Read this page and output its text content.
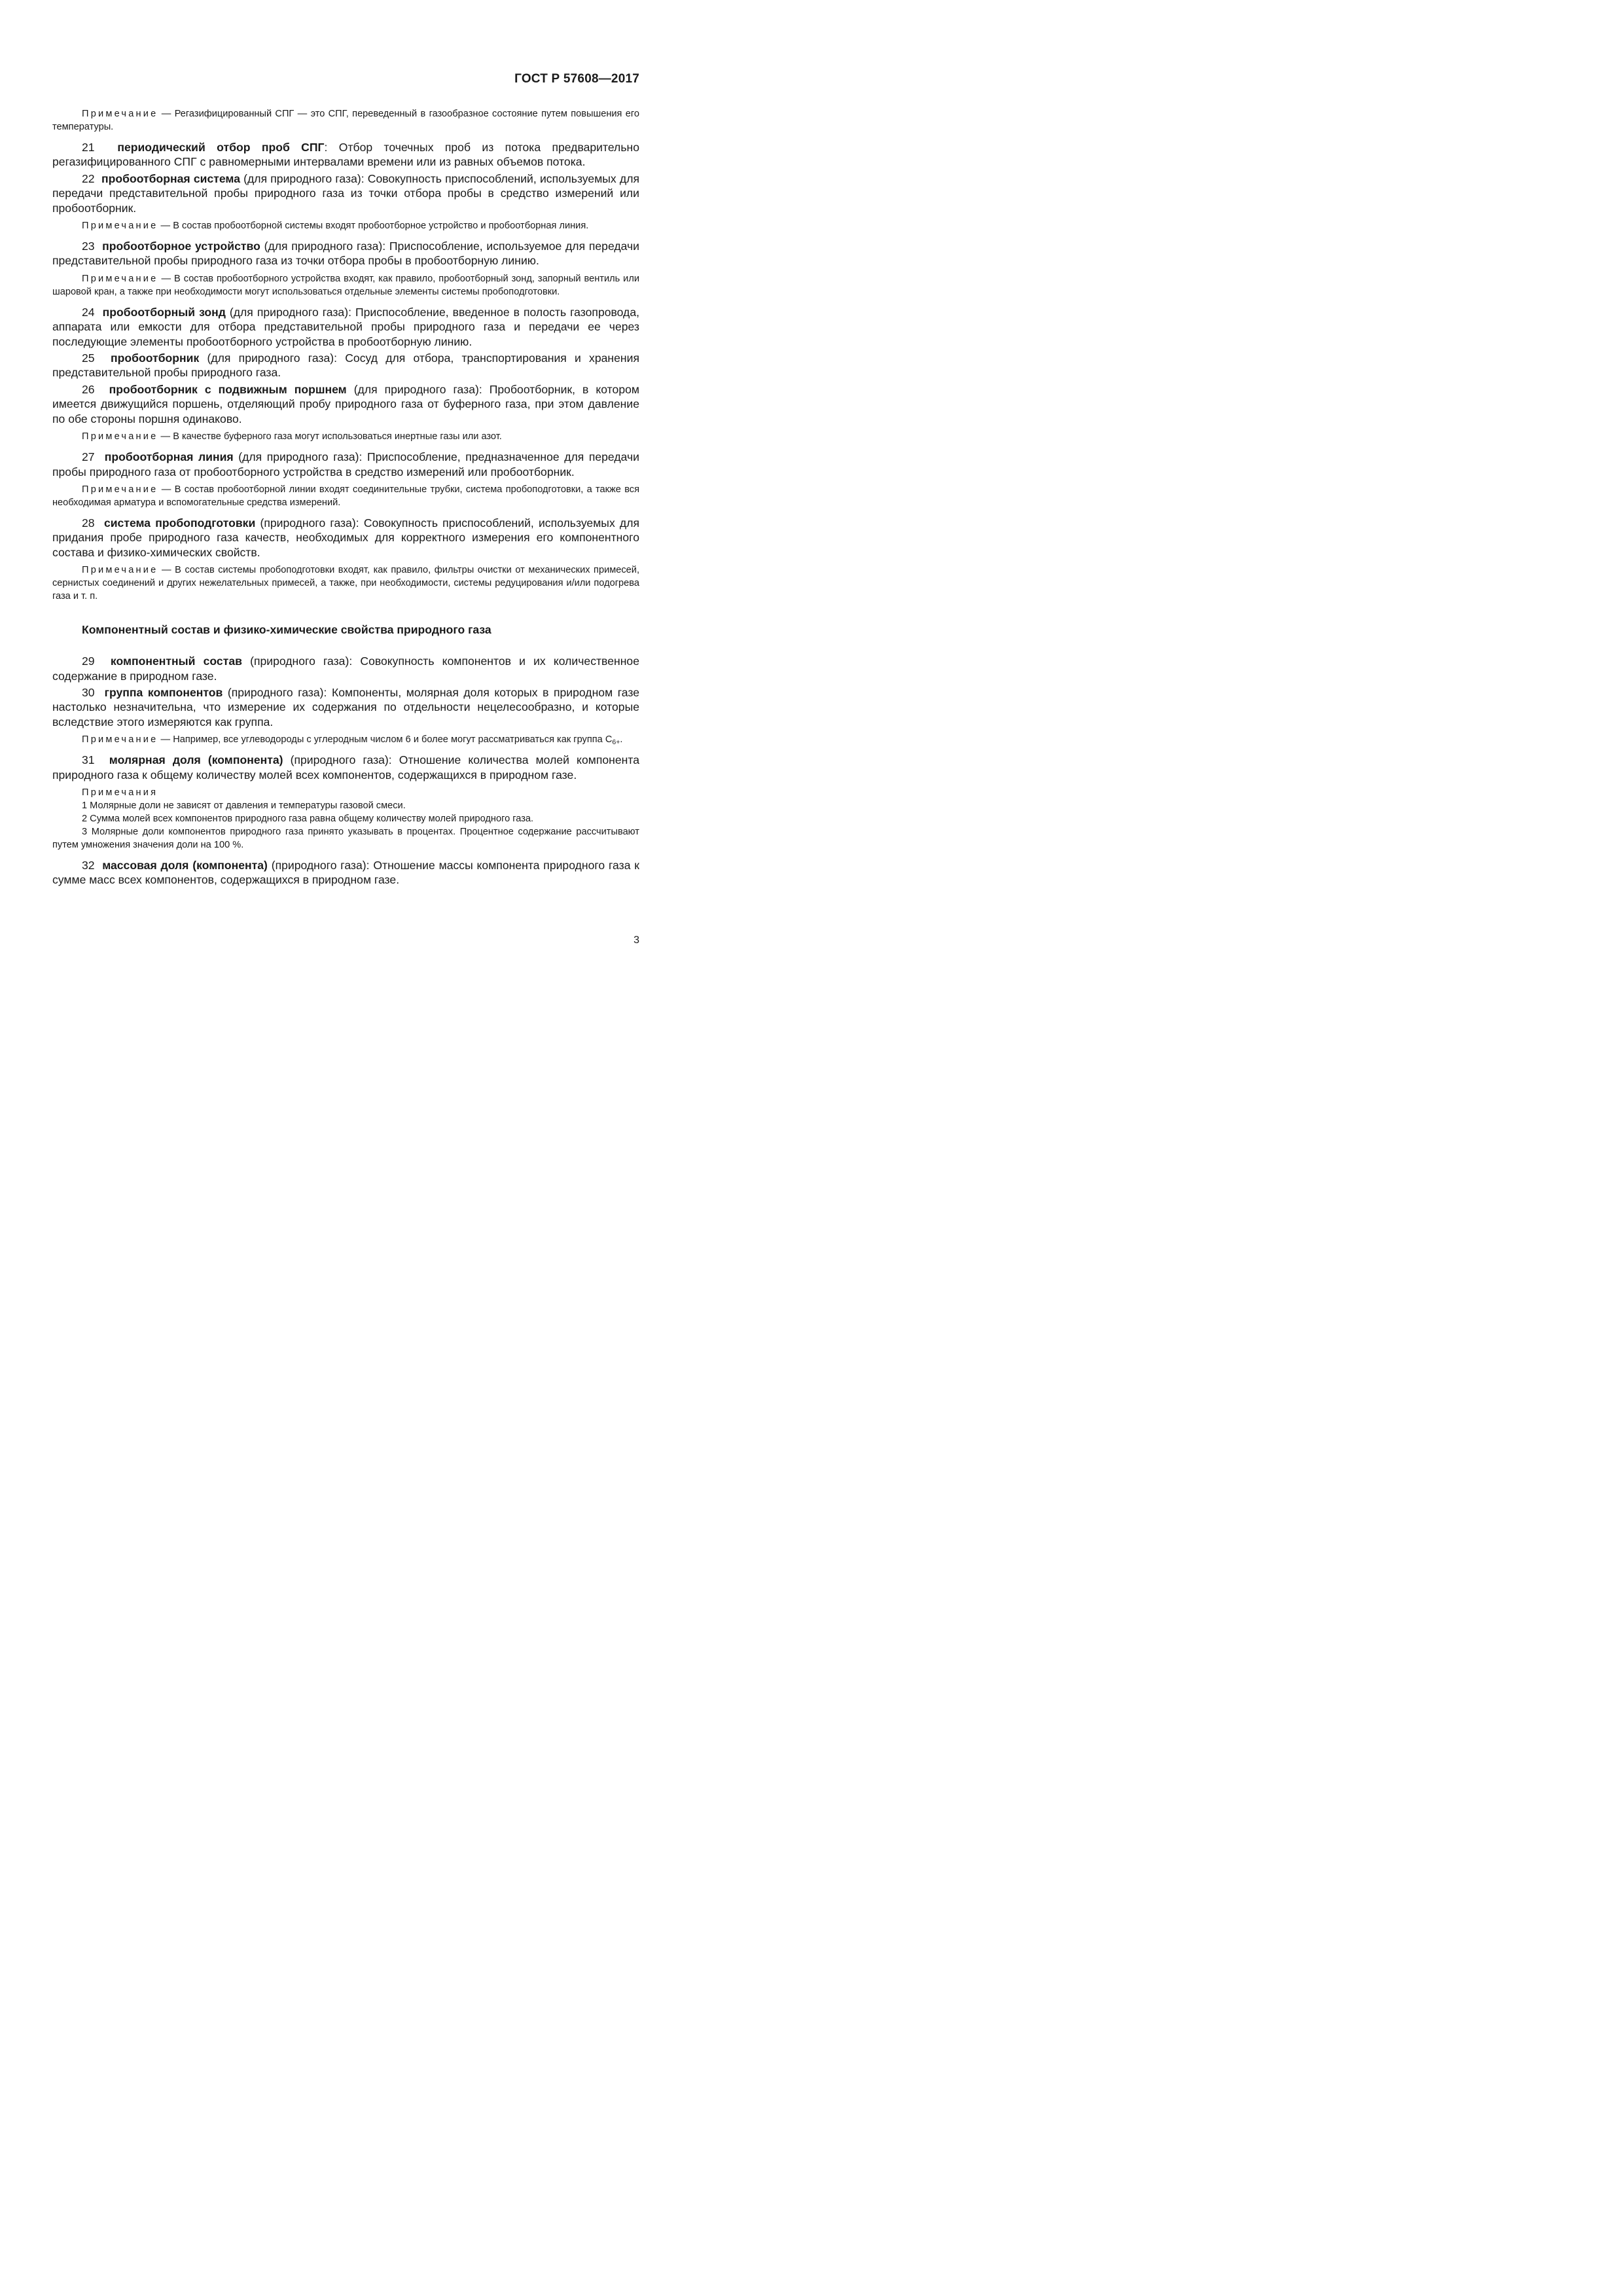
ГОСТ Р 57608—2017

Примечание — Регазифицированный СПГ — это СПГ, переведенный в газообразное состояние путем повышения его температуры.

21 периодический отбор проб СПГ: Отбор точечных проб из потока предварительно регазифицированного СПГ с равномерными интервалами времени или из равных объемов потока.

22 пробоотборная система (для природного газа): Совокупность приспособлений, используемых для передачи представительной пробы природного газа из точки отбора пробы в средство измерений или пробоотборник.

Примечание — В состав пробоотборной системы входят пробоотборное устройство и пробоотборная линия.

23 пробоотборное устройство (для природного газа): Приспособление, используемое для передачи представительной пробы природного газа из точки отбора пробы в пробоотборную линию.

Примечание — В состав пробоотборного устройства входят, как правило, пробоотборный зонд, запорный вентиль или шаровой кран, а также при необходимости могут использоваться отдельные элементы системы пробоподготовки.

24 пробоотборный зонд (для природного газа): Приспособление, введенное в полость газопровода, аппарата или емкости для отбора представительной пробы природного газа и передачи ее через последующие элементы пробоотборного устройства в пробоотборную линию.

25 пробоотборник (для природного газа): Сосуд для отбора, транспортирования и хранения представительной пробы природного газа.

26 пробоотборник с подвижным поршнем (для природного газа): Пробоотборник, в котором имеется движущийся поршень, отделяющий пробу природного газа от буферного газа, при этом давление по обе стороны поршня одинаково.

Примечание — В качестве буферного газа могут использоваться инертные газы или азот.

27 пробоотборная линия (для природного газа): Приспособление, предназначенное для передачи пробы природного газа от пробоотборного устройства в средство измерений или пробоотборник.

Примечание — В состав пробоотборной линии входят соединительные трубки, система пробоподготовки, а также вся необходимая арматура и вспомогательные средства измерений.

28 система пробоподготовки (природного газа): Совокупность приспособлений, используемых для придания пробе природного газа качеств, необходимых для корректного измерения его компонентного состава и физико-химических свойств.

Примечание — В состав системы пробоподготовки входят, как правило, фильтры очистки от механических примесей, сернистых соединений и других нежелательных примесей, а также, при необходимости, системы редуцирования и/или подогрева газа и т. п.

Компонентный состав и физико-химические свойства природного газа

29 компонентный состав (природного газа): Совокупность компонентов и их количественное содержание в природном газе.

30 группа компонентов (природного газа): Компоненты, молярная доля которых в природном газе настолько незначительна, что измерение их содержания по отдельности нецелесообразно, и которые вследствие этого измеряются как группа.

Примечание — Например, все углеводороды с углеродным числом 6 и более могут рассматриваться как группа $C_{6+}$.

31 молярная доля (компонента) (природного газа): Отношение количества молей компонента природного газа к общему количеству молей всех компонентов, содержащихся в природном газе.

Примечания

1 Молярные доли не зависят от давления и температуры газовой смеси.

2 Сумма молей всех компонентов природного газа равна общему количеству молей природного газа.

3 Молярные доли компонентов природного газа принято указывать в процентах. Процентное содержание рассчитывают путем умножения значения доли на 100 %.

32 массовая доля (компонента) (природного газа): Отношение массы компонента природного газа к сумме масс всех компонентов, содержащихся в природном газе.

3
